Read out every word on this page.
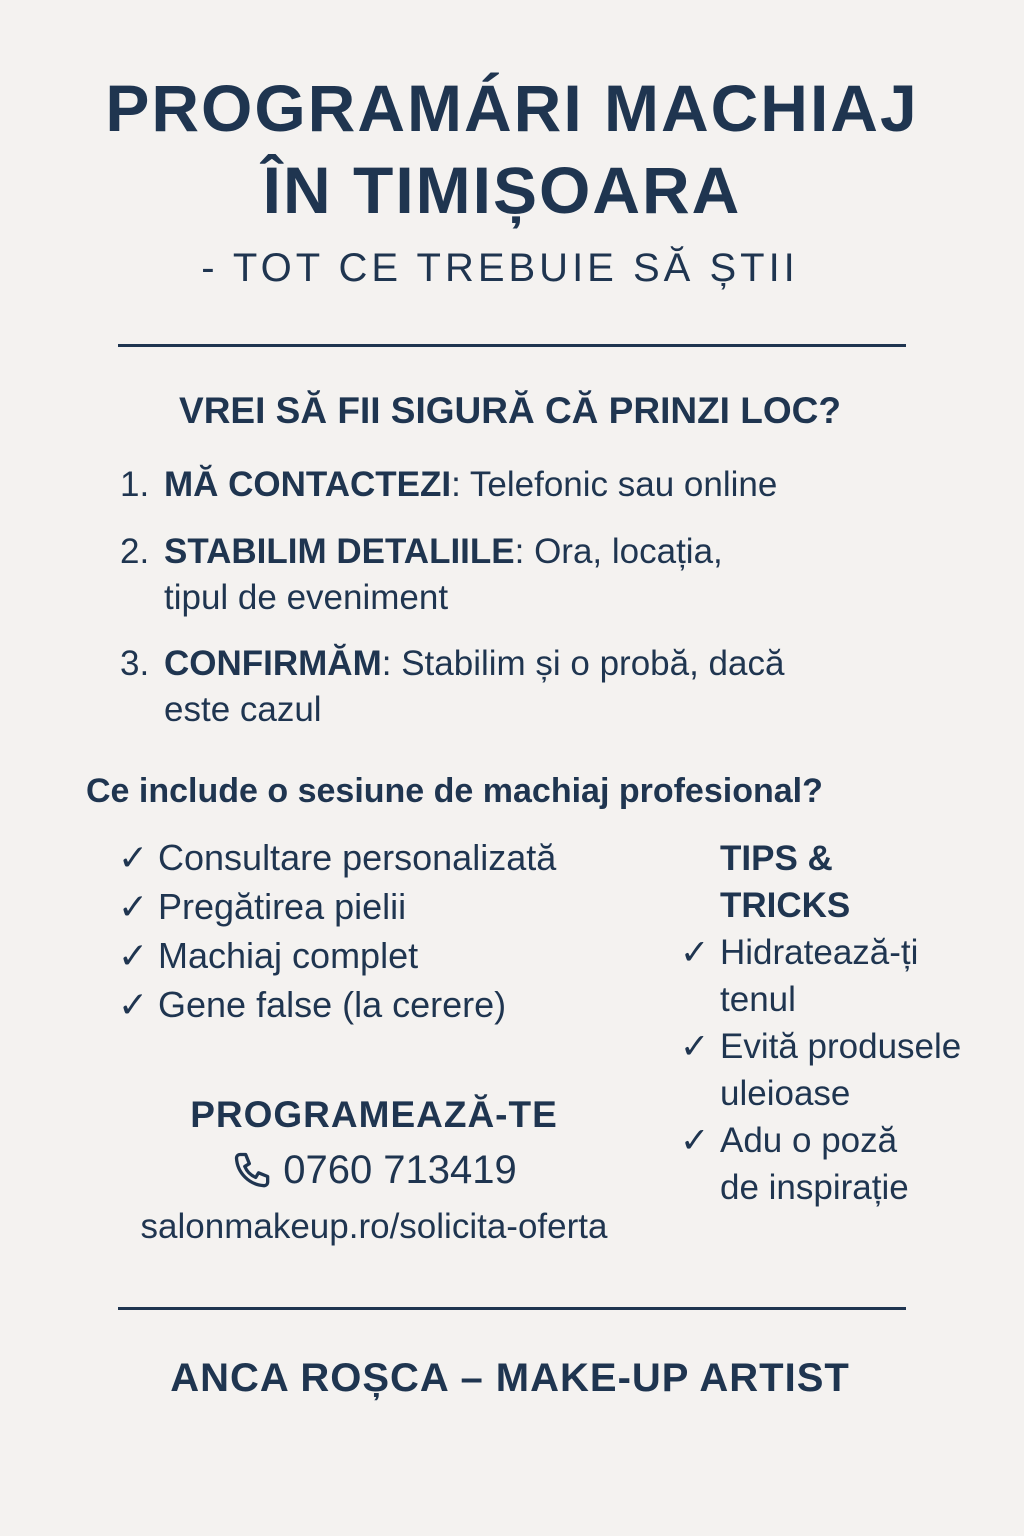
PROGRAMÁRI MACHIAJ
ÎN TIMIȘOARA
- TOT CE TREBUIE SĂ ȘTII
VREI SĂ FII SIGURĂ CĂ PRINZI LOC?
1. MĂ CONTACTEZI: Telefonic sau online
2. STABILIM DETALIILE: Ora, locația,
tipul de eveniment
3. CONFIRMĂM: Stabilim și o probă, dacă
este cazul
Ce include o sesiune de machiaj profesional?
✓ Consultare personalizată
✓ Pregătirea pielii
✓ Machiaj complet
✓ Gene false (la cerere)
TIPS &
TRICKS
✓ Hidratează-ți
tenul
✓ Evită produsele
uleioase
✓ Adu o poză
de inspirație
PROGRAMEAZĂ-TE
0760 713419
salonmakeup.ro/solicita-oferta
ANCA ROȘCA – MAKE-UP ARTIST
